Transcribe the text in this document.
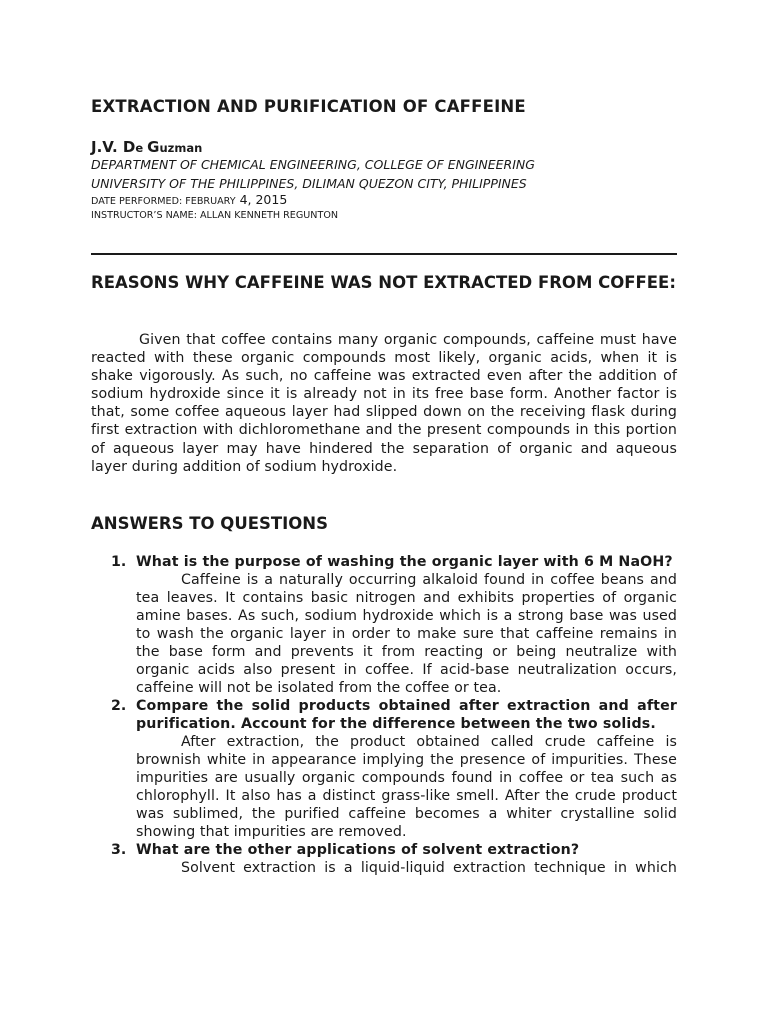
EXTRACTION AND PURIFICATION OF CAFFEINE

J.V. De Guzman

DEPARTMENT OF CHEMICAL ENGINEERING, COLLEGE OF ENGINEERING

UNIVERSITY OF THE PHILIPPINES, DILIMAN QUEZON CITY, PHILIPPINES

DATE PERFORMED: FEBRUARY 4, 2015

INSTRUCTOR’S NAME: ALLAN KENNETH REGUNTON

REASONS WHY CAFFEINE WAS NOT EXTRACTED FROM COFFEE:

Given that coffee contains many organic compounds, caffeine must have reacted with these organic compounds most likely, organic acids, when it is shake vigorously. As such, no caffeine was extracted even after the addition of sodium hydroxide since it is already not in its free base form. Another factor is that, some coffee aqueous layer had slipped down on the receiving flask during first extraction with dichloromethane and the present compounds in this portion of aqueous layer may have hindered the separation of organic and aqueous layer during addition of sodium hydroxide.

ANSWERS TO QUESTIONS
1. What is the purpose of washing the organic layer with 6 M NaOH?

Caffeine is a naturally occurring alkaloid found in coffee beans and tea leaves. It contains basic nitrogen and exhibits properties of organic amine bases. As such, sodium hydroxide which is a strong base was used to wash the organic layer in order to make sure that caffeine remains in the base form and prevents it from reacting or being neutralize with organic acids also present in coffee. If acid-base neutralization occurs, caffeine will not be isolated from the coffee or tea.

2. Compare the solid products obtained after extraction and after purification. Account for the difference between the two solids.

After extraction, the product obtained called crude caffeine is brownish white in appearance implying the presence of impurities. These impurities are usually organic compounds found in coffee or tea such as chlorophyll. It also has a distinct grass-like smell. After the crude product was sublimed, the purified caffeine becomes a whiter crystalline solid showing that impurities are removed.

3. What are the other applications of solvent extraction?

Solvent extraction is a liquid-liquid extraction technique in which
